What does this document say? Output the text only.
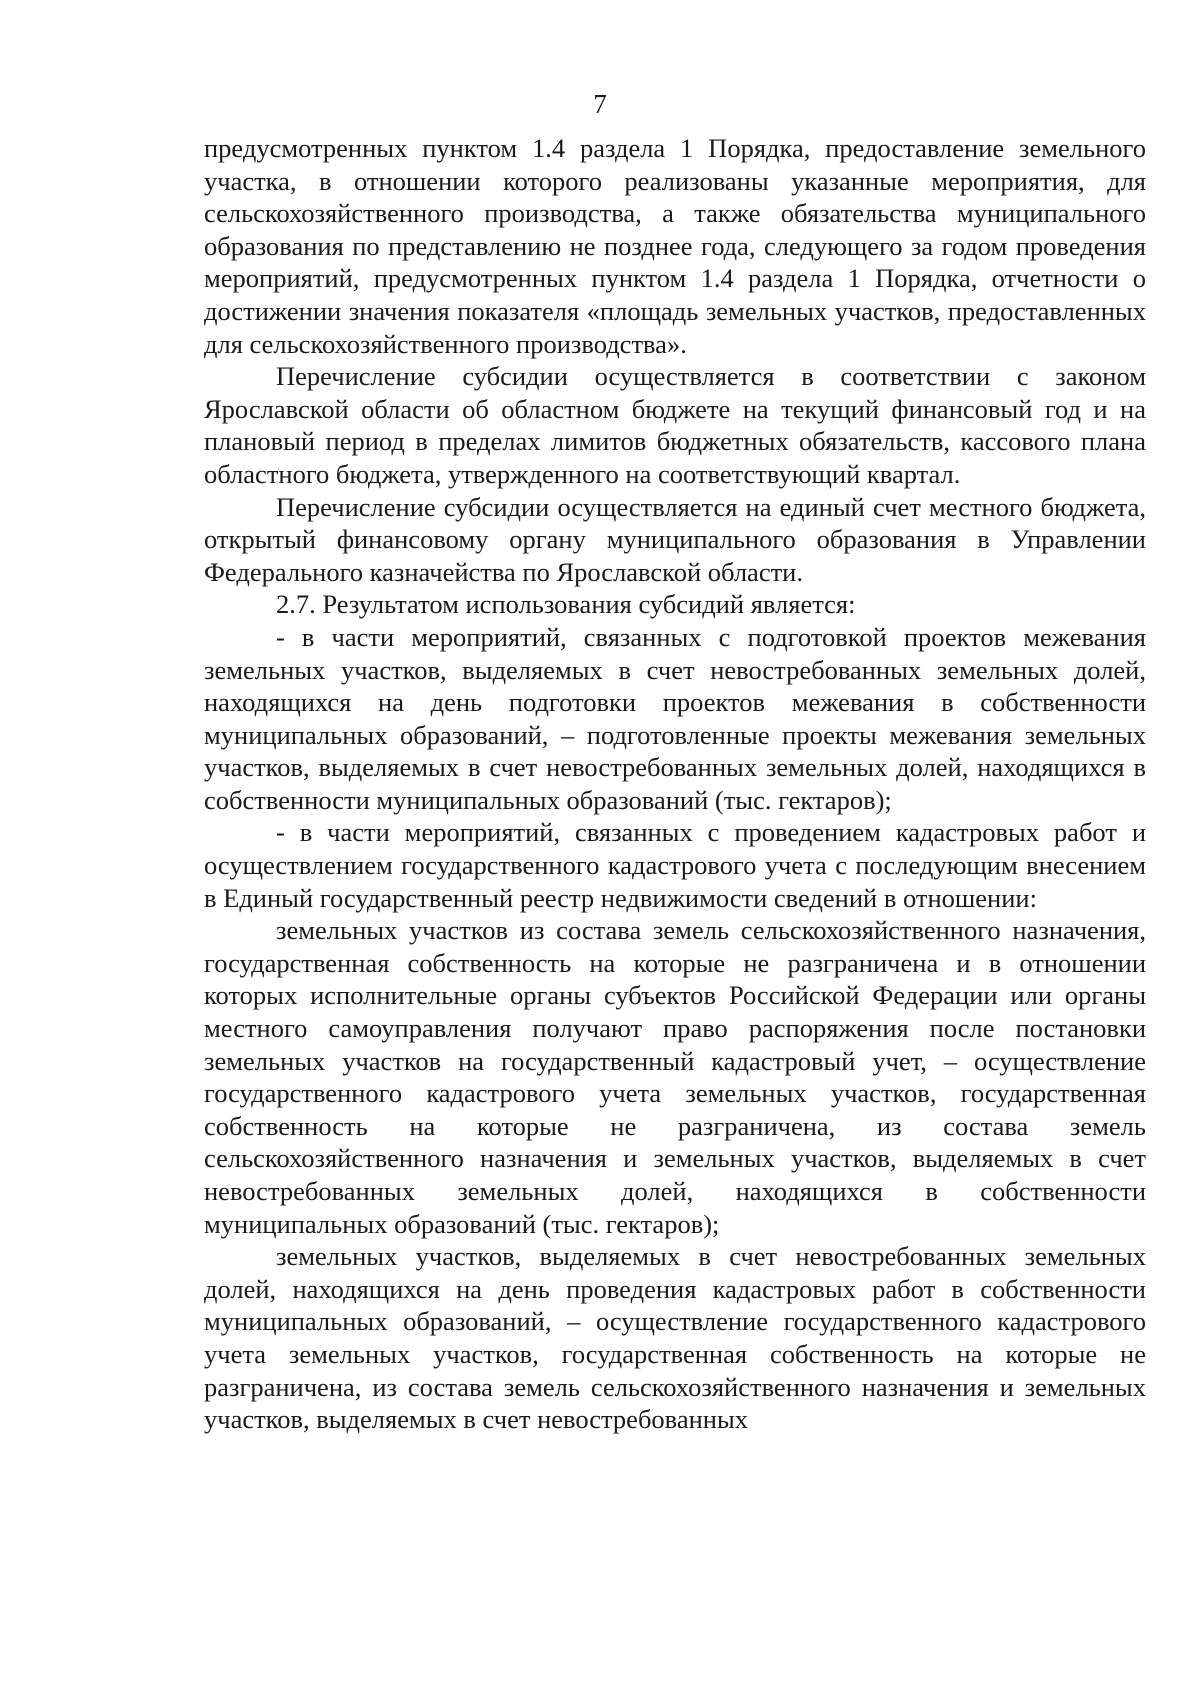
7

предусмотренных пунктом 1.4 раздела 1 Порядка, предоставление земельного участка, в отношении которого реализованы указанные мероприятия, для сельскохозяйственного производства, а также обязательства муниципального образования по представлению не позднее года, следующего за годом проведения мероприятий, предусмотренных пунктом 1.4 раздела 1 Порядка, отчетности о достижении значения показателя «площадь земельных участков, предоставленных для сельскохозяйственного производства».

Перечисление субсидии осуществляется в соответствии с законом Ярославской области об областном бюджете на текущий финансовый год и на плановый период в пределах лимитов бюджетных обязательств, кассового плана областного бюджета, утвержденного на соответствующий квартал.

Перечисление субсидии осуществляется на единый счет местного бюджета, открытый финансовому органу муниципального образования в Управлении Федерального казначейства по Ярославской области.

2.7. Результатом использования субсидий является:

- в части мероприятий, связанных с подготовкой проектов межевания земельных участков, выделяемых в счет невостребованных земельных долей, находящихся на день подготовки проектов межевания в собственности муниципальных образований, – подготовленные проекты межевания земельных участков, выделяемых в счет невостребованных земельных долей, находящихся в собственности муниципальных образований (тыс. гектаров);

- в части мероприятий, связанных с проведением кадастровых работ и осуществлением государственного кадастрового учета с последующим внесением в Единый государственный реестр недвижимости сведений в отношении:

земельных участков из состава земель сельскохозяйственного назначения, государственная собственность на которые не разграничена и в отношении которых исполнительные органы субъектов Российской Федерации или органы местного самоуправления получают право распоряжения после постановки земельных участков на государственный кадастровый учет, – осуществление государственного кадастрового учета земельных участков, государственная собственность на которые не разграничена, из состава земель сельскохозяйственного назначения и земельных участков, выделяемых в счет невостребованных земельных долей, находящихся в собственности муниципальных образований (тыс. гектаров);

земельных участков, выделяемых в счет невостребованных земельных долей, находящихся на день проведения кадастровых работ в собственности муниципальных образований, – осуществление государственного кадастрового учета земельных участков, государственная собственность на которые не разграничена, из состава земель сельскохозяйственного назначения и земельных участков, выделяемых в счет невостребованных
